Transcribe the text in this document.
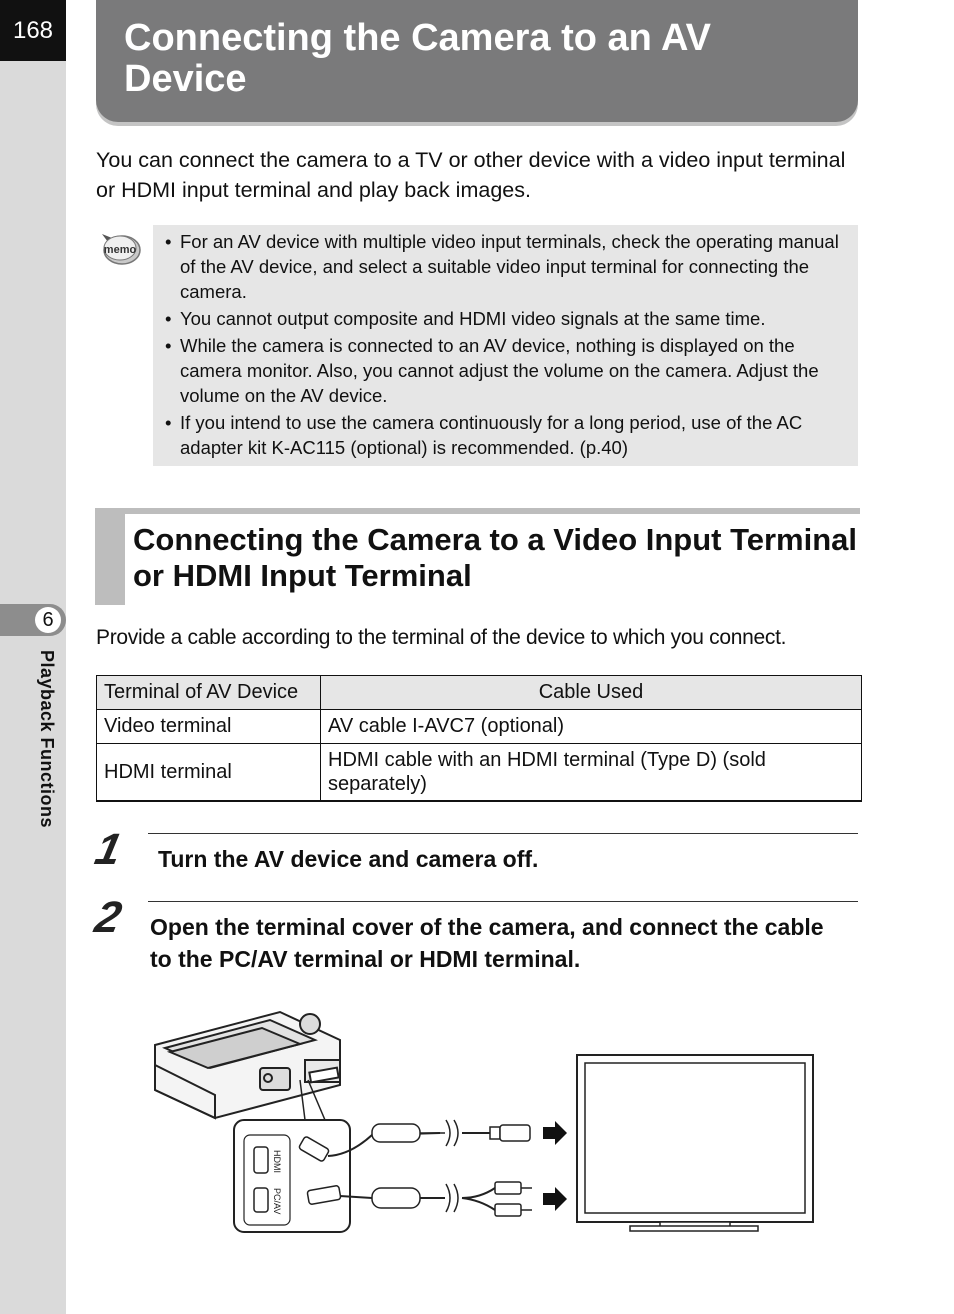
168
6
Playback Functions
Connecting the Camera to an AV Device

You can connect the camera to a TV or other device with a video input terminal or HDMI input terminal and play back images.

memo	• For an AV device with multiple video input terminals, check the operating manual of the AV device, and select a suitable video input terminal for connecting the camera.
• You cannot output composite and HDMI video signals at the same time.
• While the camera is connected to an AV device, nothing is displayed on the camera monitor. Also, you cannot adjust the volume on the camera. Adjust the volume on the AV device.
• If you intend to use the camera continuously for a long period, use of the AC adapter kit K-AC115 (optional) is recommended. (p.40)
Connecting the Camera to a Video Input Terminal or HDMI Input Terminal

Provide a cable according to the terminal of the device to which you connect.

Terminal of AV Device	Cable Used
Video terminal	AV cable I-AVC7 (optional)
HDMI terminal	HDMI cable with an HDMI terminal (Type D) (sold separately)
1 Turn the AV device and camera off.

2 Open the terminal cover of the camera, and connect the cable to the PC/AV terminal or HDMI terminal.

HDMI
PC/AV
